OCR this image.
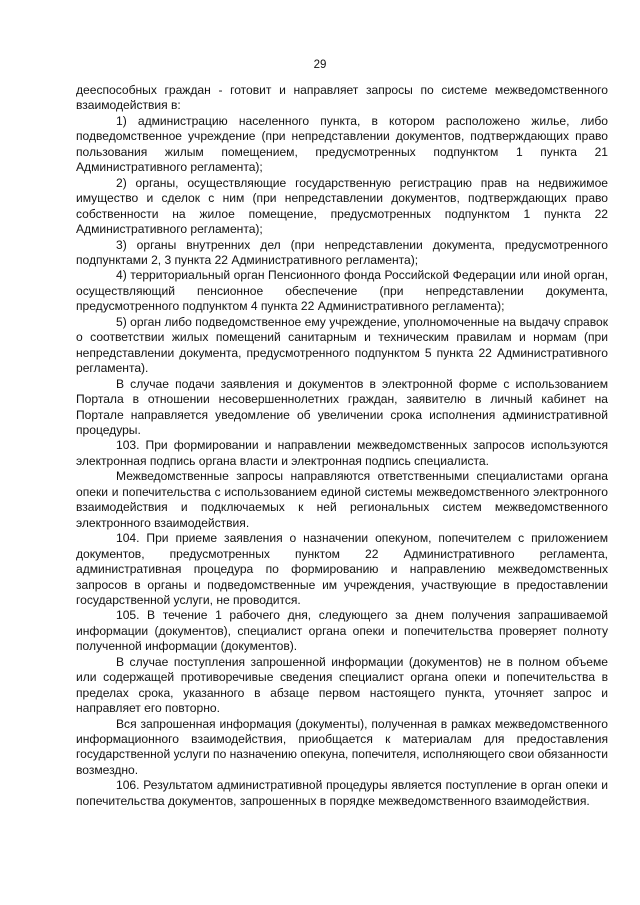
29

дееспособных граждан - готовит и направляет запросы по системе межведомственного взаимодействия в:

1) администрацию населенного пункта, в котором расположено жилье, либо подведомственное учреждение (при непредставлении документов, подтверждающих право пользования жилым помещением, предусмотренных подпунктом 1 пункта 21 Административного регламента);

2) органы, осуществляющие государственную регистрацию прав на недвижимое имущество и сделок с ним (при непредставлении документов, подтверждающих право собственности на жилое помещение, предусмотренных подпунктом 1 пункта 22 Административного регламента);

3) органы внутренних дел (при непредставлении документа, предусмотренного подпунктами 2, 3 пункта 22 Административного регламента);

4) территориальный орган Пенсионного фонда Российской Федерации или иной орган, осуществляющий пенсионное обеспечение (при непредставлении документа, предусмотренного подпунктом 4 пункта 22 Административного регламента);

5) орган либо подведомственное ему учреждение, уполномоченные на выдачу справок о соответствии жилых помещений санитарным и техническим правилам и нормам (при непредставлении документа, предусмотренного подпунктом 5 пункта 22 Административного регламента).

В случае подачи заявления и документов в электронной форме с использованием Портала в отношении несовершеннолетних граждан, заявителю в личный кабинет на Портале направляется уведомление об увеличении срока исполнения административной процедуры.

103. При формировании и направлении межведомственных запросов используются электронная подпись органа власти и электронная подпись специалиста.

Межведомственные запросы направляются ответственными специалистами органа опеки и попечительства с использованием единой системы межведомственного электронного взаимодействия и подключаемых к ней региональных систем межведомственного электронного взаимодействия.

104. При приеме заявления о назначении опекуном, попечителем с приложением документов, предусмотренных пунктом 22 Административного регламента, административная процедура по формированию и направлению межведомственных запросов в органы и подведомственные им учреждения, участвующие в предоставлении государственной услуги, не проводится.

105. В течение 1 рабочего дня, следующего за днем получения запрашиваемой информации (документов), специалист органа опеки и попечительства проверяет полноту полученной информации (документов).

В случае поступления запрошенной информации (документов) не в полном объеме или содержащей противоречивые сведения специалист органа опеки и попечительства в пределах срока, указанного в абзаце первом настоящего пункта, уточняет запрос и направляет его повторно.

Вся запрошенная информация (документы), полученная в рамках межведомственного информационного взаимодействия, приобщается к материалам для предоставления государственной услуги по назначению опекуна, попечителя, исполняющего свои обязанности возмездно.

106. Результатом административной процедуры является поступление в орган опеки и попечительства документов, запрошенных в порядке межведомственного взаимодействия.
